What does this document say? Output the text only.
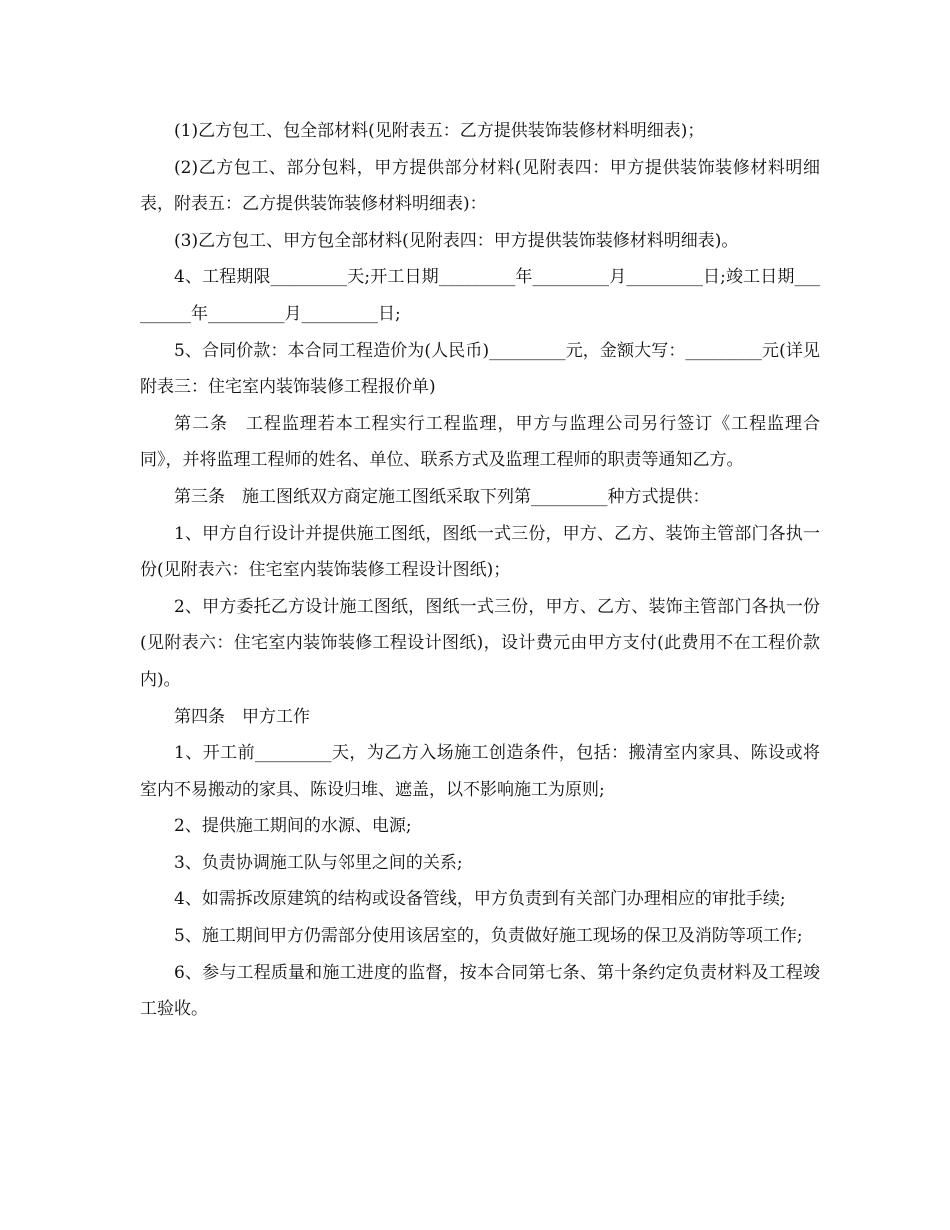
(1)乙方包工、包全部材料(见附表五：乙方提供装饰装修材料明细表)；

(2)乙方包工、部分包料，甲方提供部分材料(见附表四：甲方提供装饰装修材料明细表，附表五：乙方提供装饰装修材料明细表)：

(3)乙方包工、甲方包全部材料(见附表四：甲方提供装饰装修材料明细表)。

4、工程期限_________天;开工日期_________年_________月_________日;竣工日期_________年_________月_________日;

5、合同价款：本合同工程造价为(人民币)_________元，金额大写：_________元(详见附表三：住宅室内装饰装修工程报价单)

第二条　工程监理若本工程实行工程监理，甲方与监理公司另行签订《工程监理合同》，并将监理工程师的姓名、单位、联系方式及监理工程师的职责等通知乙方。

第三条　施工图纸双方商定施工图纸采取下列第_________种方式提供：

1、甲方自行设计并提供施工图纸，图纸一式三份，甲方、乙方、装饰主管部门各执一份(见附表六：住宅室内装饰装修工程设计图纸)；

2、甲方委托乙方设计施工图纸，图纸一式三份，甲方、乙方、装饰主管部门各执一份(见附表六：住宅室内装饰装修工程设计图纸)，设计费元由甲方支付(此费用不在工程价款内)。

第四条　甲方工作

1、开工前_________天，为乙方入场施工创造条件，包括：搬清室内家具、陈设或将室内不易搬动的家具、陈设归堆、遮盖，以不影响施工为原则;

2、提供施工期间的水源、电源;

3、负责协调施工队与邻里之间的关系;

4、如需拆改原建筑的结构或设备管线，甲方负责到有关部门办理相应的审批手续;

5、施工期间甲方仍需部分使用该居室的，负责做好施工现场的保卫及消防等项工作;

6、参与工程质量和施工进度的监督，按本合同第七条、第十条约定负责材料及工程竣工验收。
